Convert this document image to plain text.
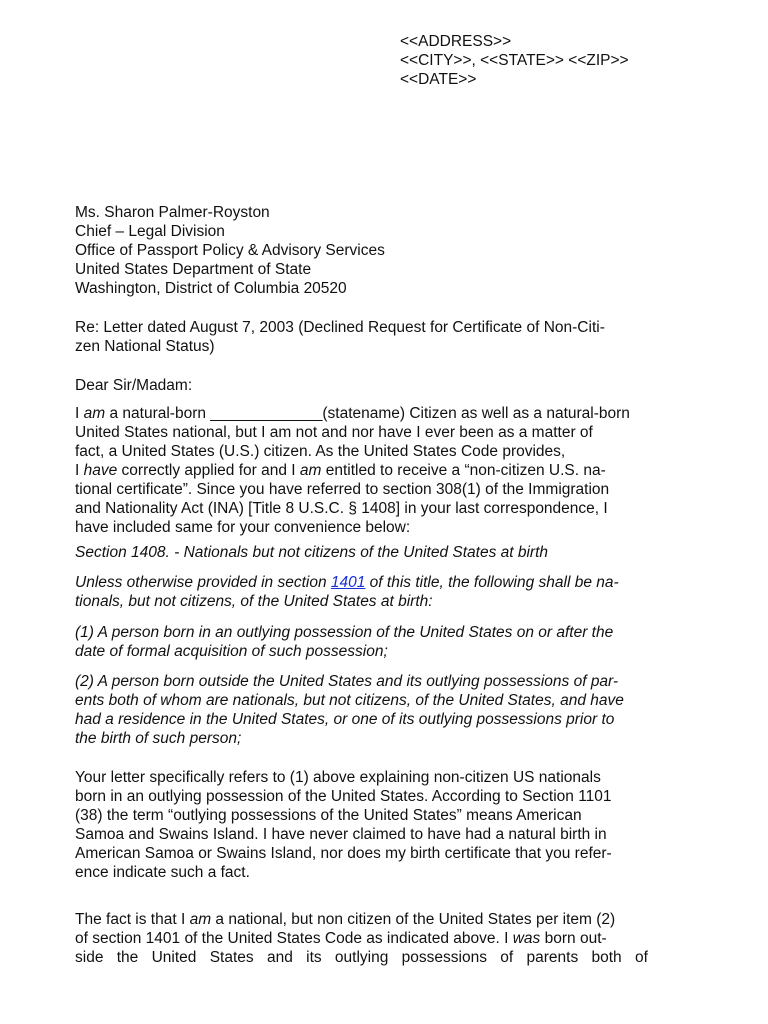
<<ADDRESS>>
<<CITY>>, <<STATE>> <<ZIP>>
<<DATE>>
Ms. Sharon Palmer-Royston
Chief – Legal Division
Office of Passport Policy & Advisory Services
United States Department of State
Washington, District of Columbia 20520
Re: Letter dated August 7, 2003 (Declined Request for Certificate of Non-Citi-
zen National Status)
Dear Sir/Madam:
I am a natural-born _____________(statename) Citizen as well as a natural-born
United States national, but I am not and nor have I ever been as a matter of
fact, a United States (U.S.) citizen. As the United States Code provides,
I have correctly applied for and I am entitled to receive a “non-citizen U.S. na-
tional certificate”. Since you have referred to section 308(1) of the Immigration
and Nationality Act (INA) [Title 8 U.S.C. § 1408] in your last correspondence, I
have included same for your convenience below:
Section 1408. - Nationals but not citizens of the United States at birth
Unless otherwise provided in section 1401 of this title, the following shall be na-
tionals, but not citizens, of the United States at birth:
(1) A person born in an outlying possession of the United States on or after the
date of formal acquisition of such possession;
(2) A person born outside the United States and its outlying possessions of par-
ents both of whom are nationals, but not citizens, of the United States, and have
had a residence in the United States, or one of its outlying possessions prior to
the birth of such person;
Your letter specifically refers to (1) above explaining non-citizen US nationals
born in an outlying possession of the United States. According to Section 1101
(38) the term “outlying possessions of the United States” means American
Samoa and Swains Island. I have never claimed to have had a natural birth in
American Samoa or Swains Island, nor does my birth certificate that you refer-
ence indicate such a fact.
The fact is that I am a national, but non citizen of the United States per item (2)
of section 1401 of the United States Code as indicated above. I was born out-
side the United States and its outlying possessions of parents both of
